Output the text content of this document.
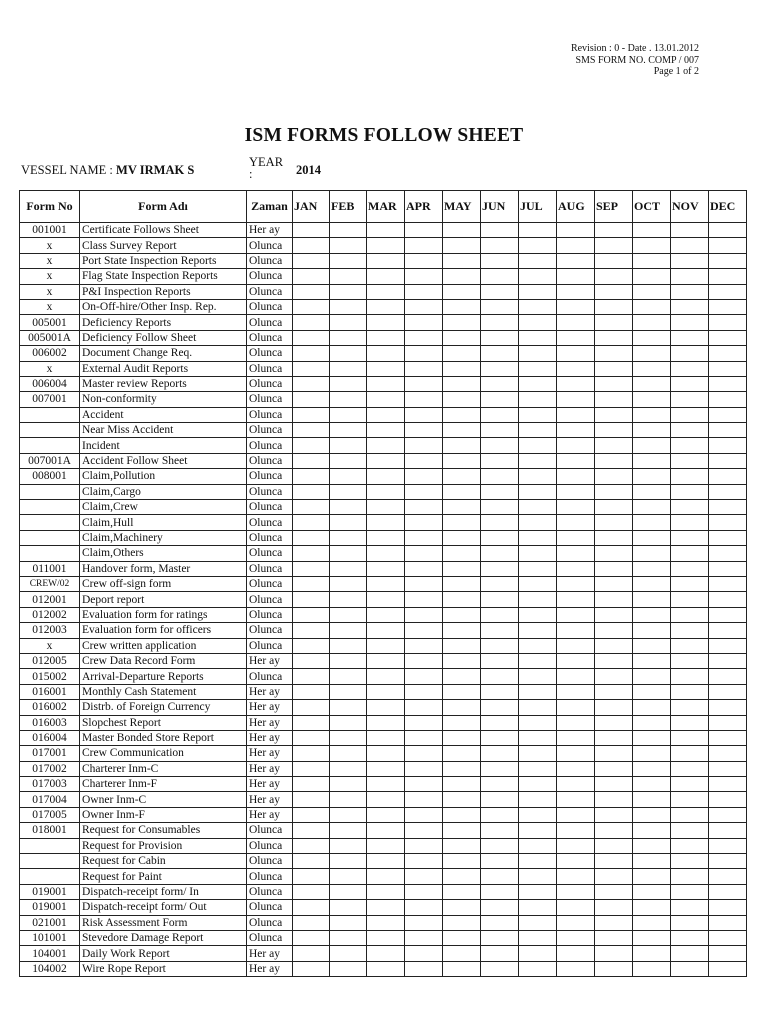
Revision : 0 - Date . 13.01.2012
SMS FORM NO. COMP / 007
Page 1 of 2
ISM FORMS FOLLOW SHEET
VESSEL NAME : MV IRMAK S
YEAR
:	2014
Form No	Form Adı	Zaman	JAN	FEB	MAR	APR	MAY	JUN	JUL	AUG	SEP	OCT	NOV	DEC
001001	Certificate Follows Sheet	Her ay												
x	Class Survey Report	Olunca												
x	Port State Inspection Reports	Olunca												
x	Flag State Inspection Reports	Olunca												
x	P&I Inspection Reports	Olunca												
x	On-Off-hire/Other Insp. Rep.	Olunca												
005001	Deficiency Reports	Olunca												
005001A	Deficiency Follow Sheet	Olunca												
006002	Document Change Req.	Olunca												
x	External Audit Reports	Olunca												
006004	Master review Reports	Olunca												
007001	Non-conformity	Olunca												
	Accident	Olunca												
	Near Miss Accident	Olunca												
	Incident	Olunca												
007001A	Accident Follow Sheet	Olunca												
008001	Claim,Pollution	Olunca												
	Claim,Cargo	Olunca												
	Claim,Crew	Olunca												
	Claim,Hull	Olunca												
	Claim,Machinery	Olunca												
	Claim,Others	Olunca												
011001	Handover form, Master	Olunca												
CREW/02	Crew off-sign form	Olunca												
012001	Deport report	Olunca												
012002	Evaluation form for ratings	Olunca												
012003	Evaluation form for officers	Olunca												
x	Crew written application	Olunca												
012005	Crew Data Record Form	Her ay												
015002	Arrival-Departure Reports	Olunca												
016001	Monthly Cash Statement	Her ay												
016002	Distrb. of Foreign Currency	Her ay												
016003	Slopchest Report	Her ay												
016004	Master Bonded Store Report	Her ay												
017001	Crew Communication	Her ay												
017002	Charterer Inm-C	Her ay												
017003	Charterer Inm-F	Her ay												
017004	Owner Inm-C	Her ay												
017005	Owner Inm-F	Her ay												
018001	Request for Consumables	Olunca												
	Request for Provision	Olunca												
	Request for Cabin	Olunca												
	Request for Paint	Olunca												
019001	Dispatch-receipt form/ In	Olunca												
019001	Dispatch-receipt form/ Out	Olunca												
021001	Risk Assessment Form	Olunca												
101001	Stevedore Damage Report	Olunca												
104001	Daily Work Report	Her ay												
104002	Wire Rope Report	Her ay												
